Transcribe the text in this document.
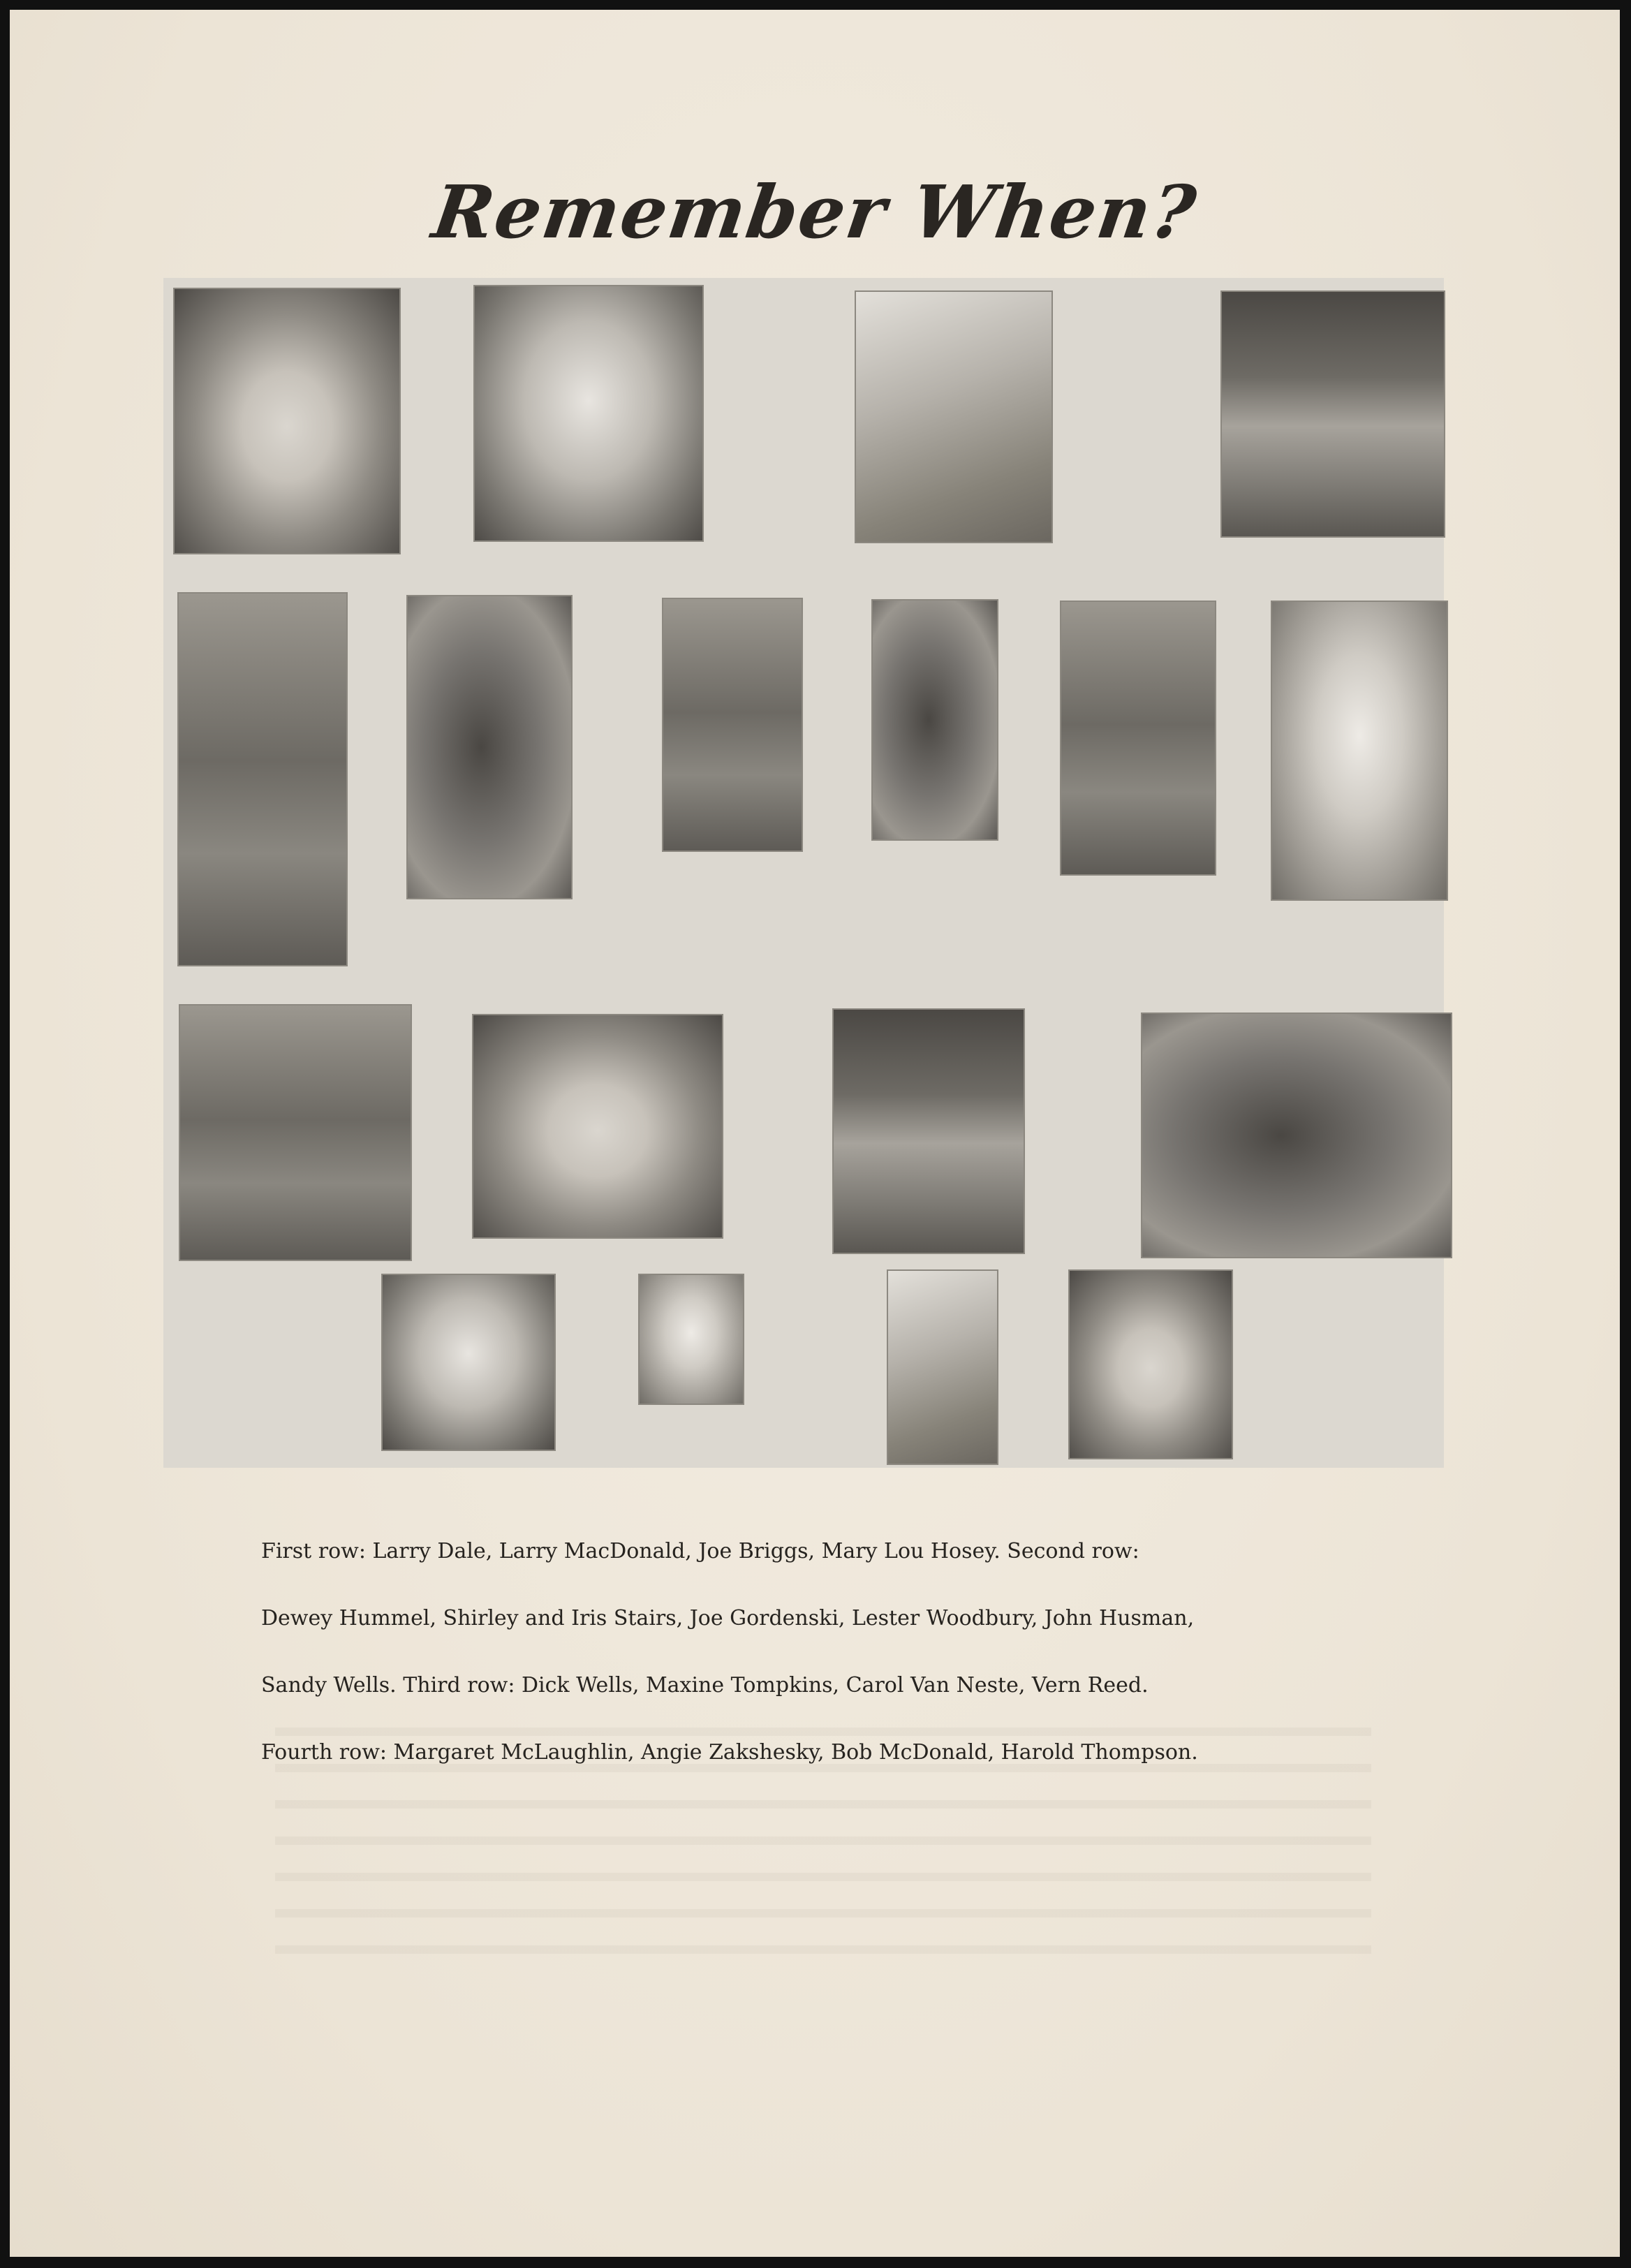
Remember When?

First row: Larry Dale, Larry MacDonald, Joe Briggs, Mary Lou Hosey. Second row:

Dewey Hummel, Shirley and Iris Stairs, Joe Gordenski, Lester Woodbury, John Husman,

Sandy Wells. Third row: Dick Wells, Maxine Tompkins, Carol Van Neste, Vern Reed.

Fourth row: Margaret McLaughlin, Angie Zakshesky, Bob McDonald, Harold Thompson.
